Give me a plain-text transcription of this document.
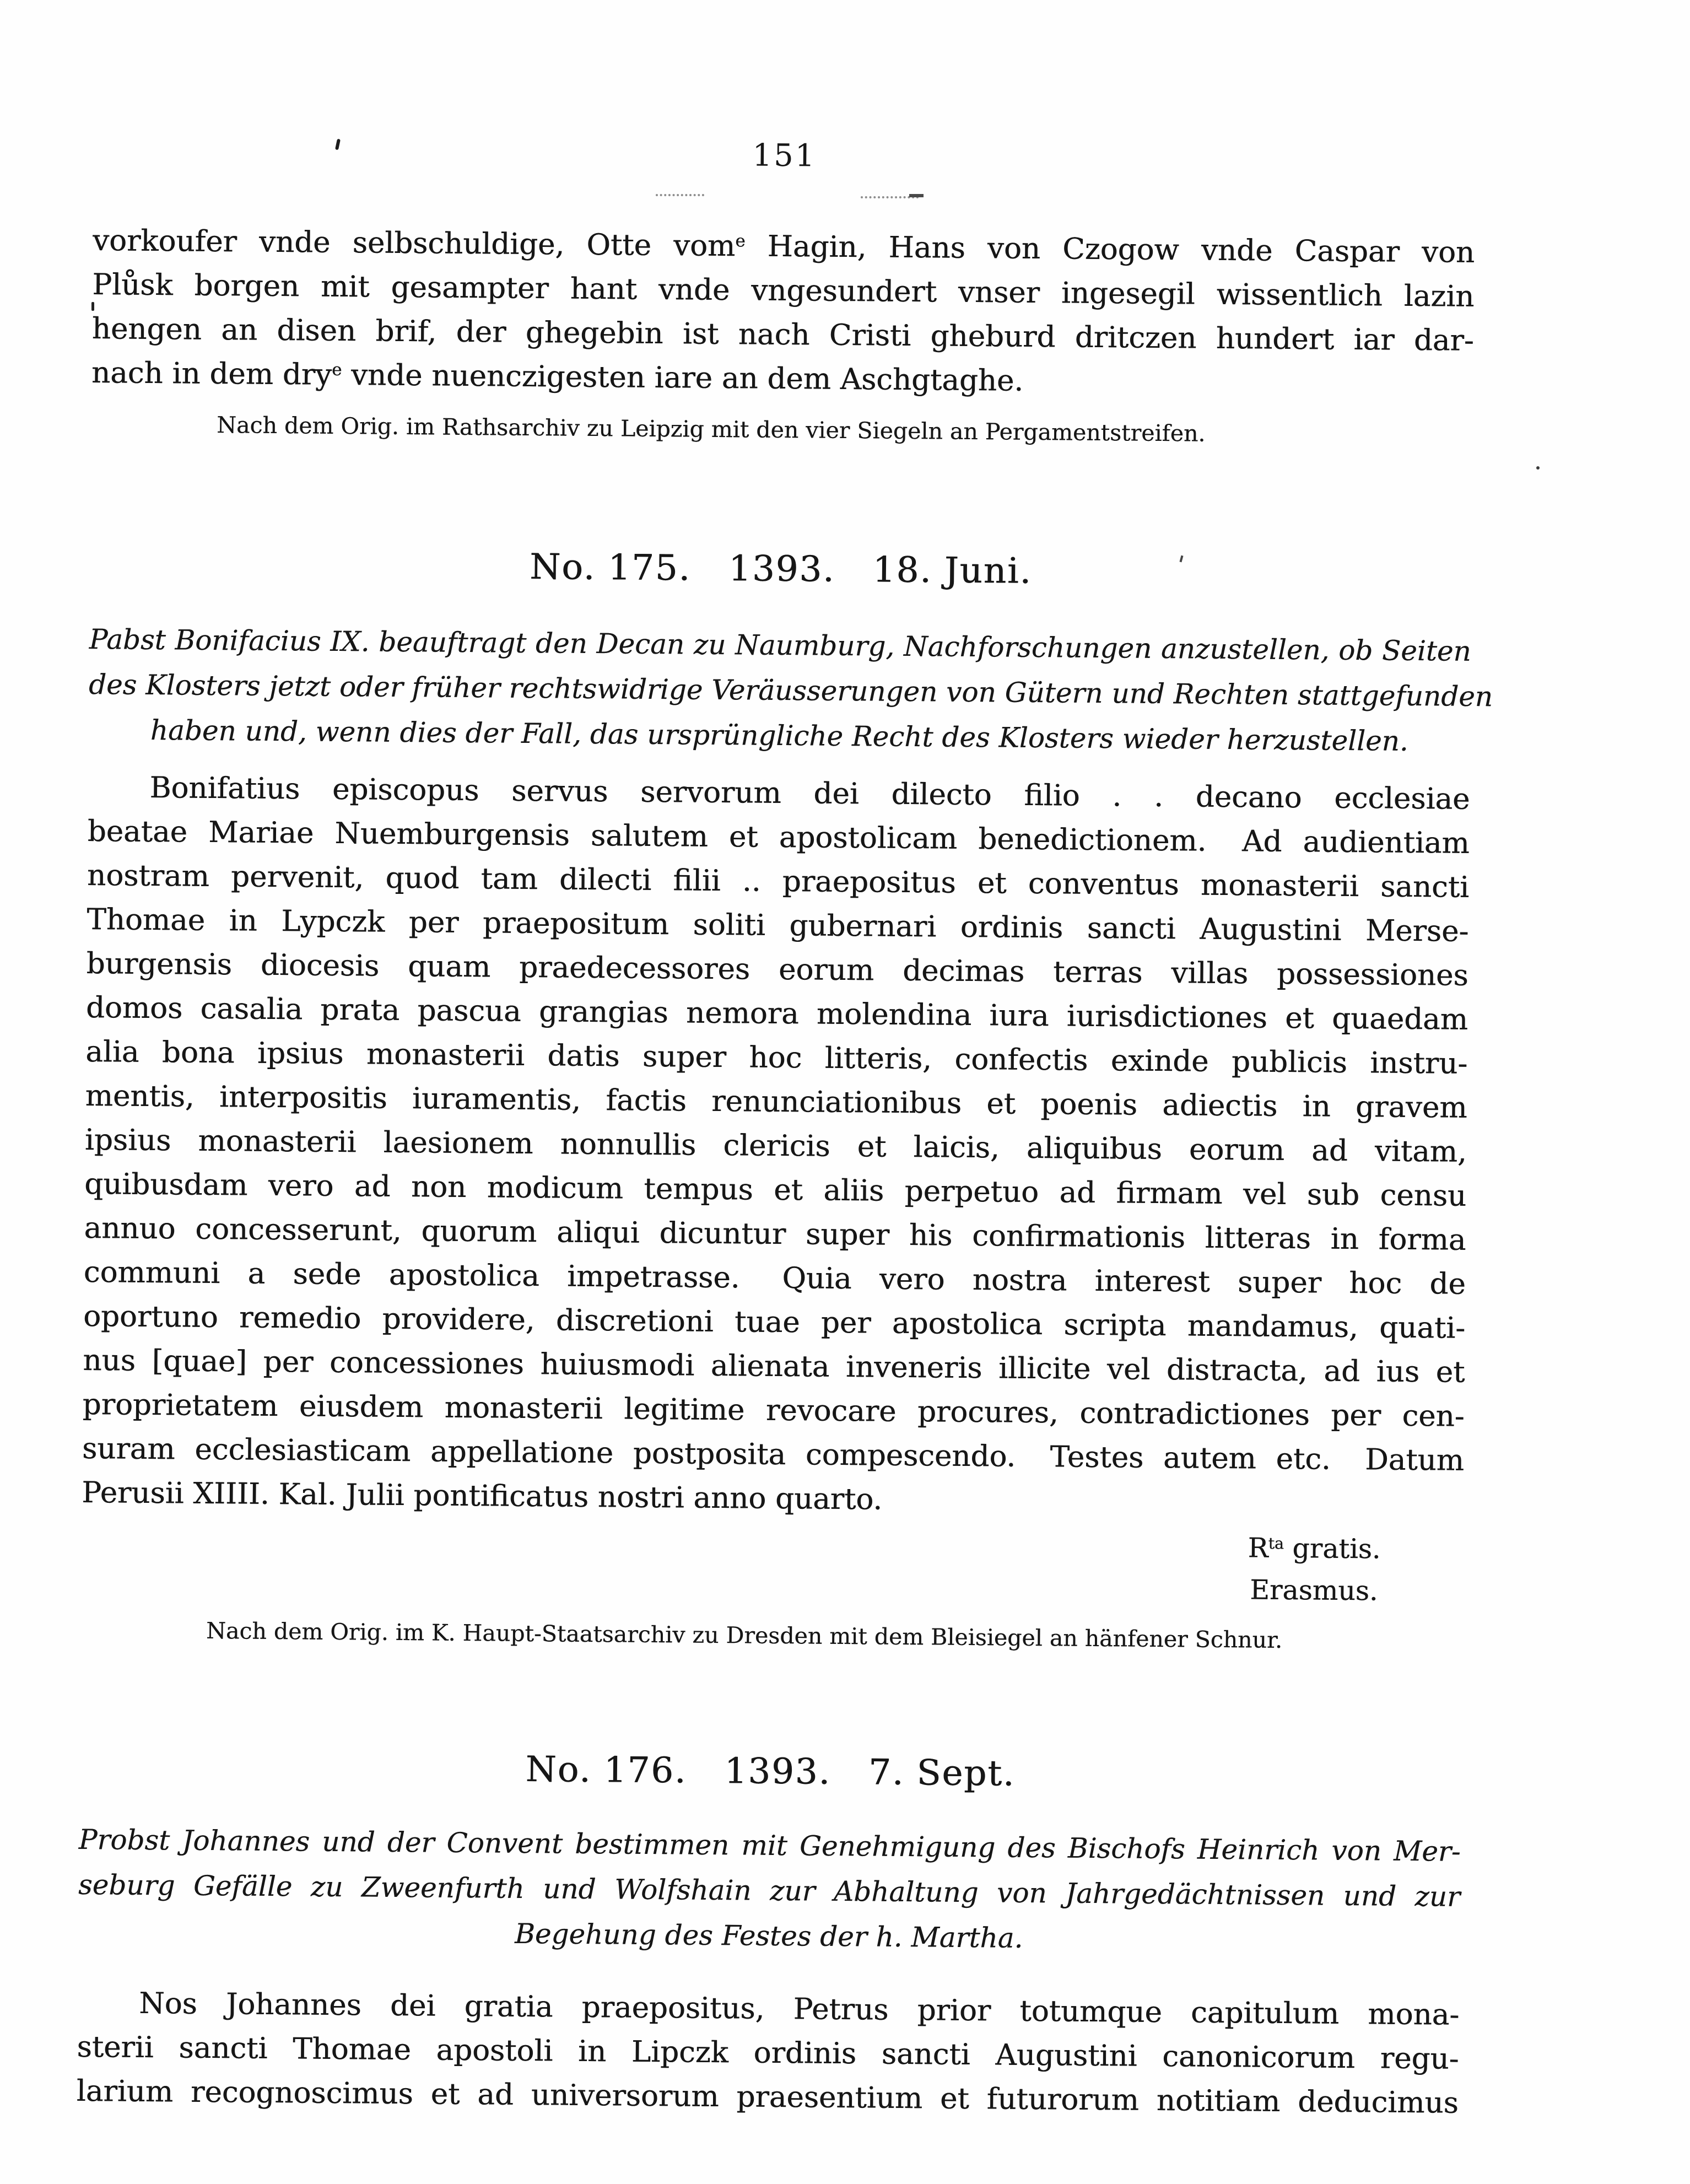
151

vorkoufer vnde selbschuldige, Otte vom$^e$ Hagin, Hans von Czogow vnde Caspar von

Plůsk borgen mit gesampter hant vnde vngesundert vnser ingesegil wissentlich lazin

hengen an disen brif, der ghegebin ist nach Cristi gheburd dritczen hundert iar dar-

nach in dem dry$^e$ vnde nuenczigesten iare an dem Aschgtaghe.

Nach dem Orig. im Rathsarchiv zu Leipzig mit den vier Siegeln an Pergamentstreifen.

No. 175. 1393. 18. Juni.

Pabst Bonifacius IX. beauftragt den Decan zu Naumburg, Nachforschungen anzustellen, ob Seiten

des Klosters jetzt oder früher rechtswidrige Veräusserungen von Gütern und Rechten stattgefunden

haben und, wenn dies der Fall, das ursprüngliche Recht des Klosters wieder herzustellen.

Bonifatius episcopus servus servorum dei dilecto filio . . decano ecclesiae

beatae Mariae Nuemburgensis salutem et apostolicam benedictionem.  Ad audientiam

nostram pervenit, quod tam dilecti filii .. praepositus et conventus monasterii sancti

Thomae in Lypczk per praepositum soliti gubernari ordinis sancti Augustini Merse-

burgensis diocesis quam praedecessores eorum decimas terras villas possessiones

domos casalia prata pascua grangias nemora molendina iura iurisdictiones et quaedam

alia bona ipsius monasterii datis super hoc litteris, confectis exinde publicis instru-

mentis, interpositis iuramentis, factis renunciationibus et poenis adiectis in gravem

ipsius monasterii laesionem nonnullis clericis et laicis, aliquibus eorum ad vitam,

quibusdam vero ad non modicum tempus et aliis perpetuo ad firmam vel sub censu

annuo concesserunt, quorum aliqui dicuntur super his confirmationis litteras in forma

communi a sede apostolica impetrasse.  Quia vero nostra interest super hoc de

oportuno remedio providere, discretioni tuae per apostolica scripta mandamus, quati-

nus [quae] per concessiones huiusmodi alienata inveneris illicite vel distracta, ad ius et

proprietatem eiusdem monasterii legitime revocare procures, contradictiones per cen-

suram ecclesiasticam appellatione postposita compescendo.  Testes autem etc.  Datum

Perusii XIIII. Kal. Julii pontificatus nostri anno quarto.

$R^{ta}$ gratis.
Erasmus.

Nach dem Orig. im K. Haupt-Staatsarchiv zu Dresden mit dem Bleisiegel an hänfener Schnur.

No. 176. 1393. 7. Sept.

Probst Johannes und der Convent bestimmen mit Genehmigung des Bischofs Heinrich von Mer-

seburg Gefälle zu Zweenfurth und Wolfshain zur Abhaltung von Jahrgedächtnissen und zur

Begehung des Festes der h. Martha.

Nos Johannes dei gratia praepositus, Petrus prior totumque capitulum mona-

sterii sancti Thomae apostoli in Lipczk ordinis sancti Augustini canonicorum regu-

larium recognoscimus et ad universorum praesentium et futurorum notitiam deducimus
